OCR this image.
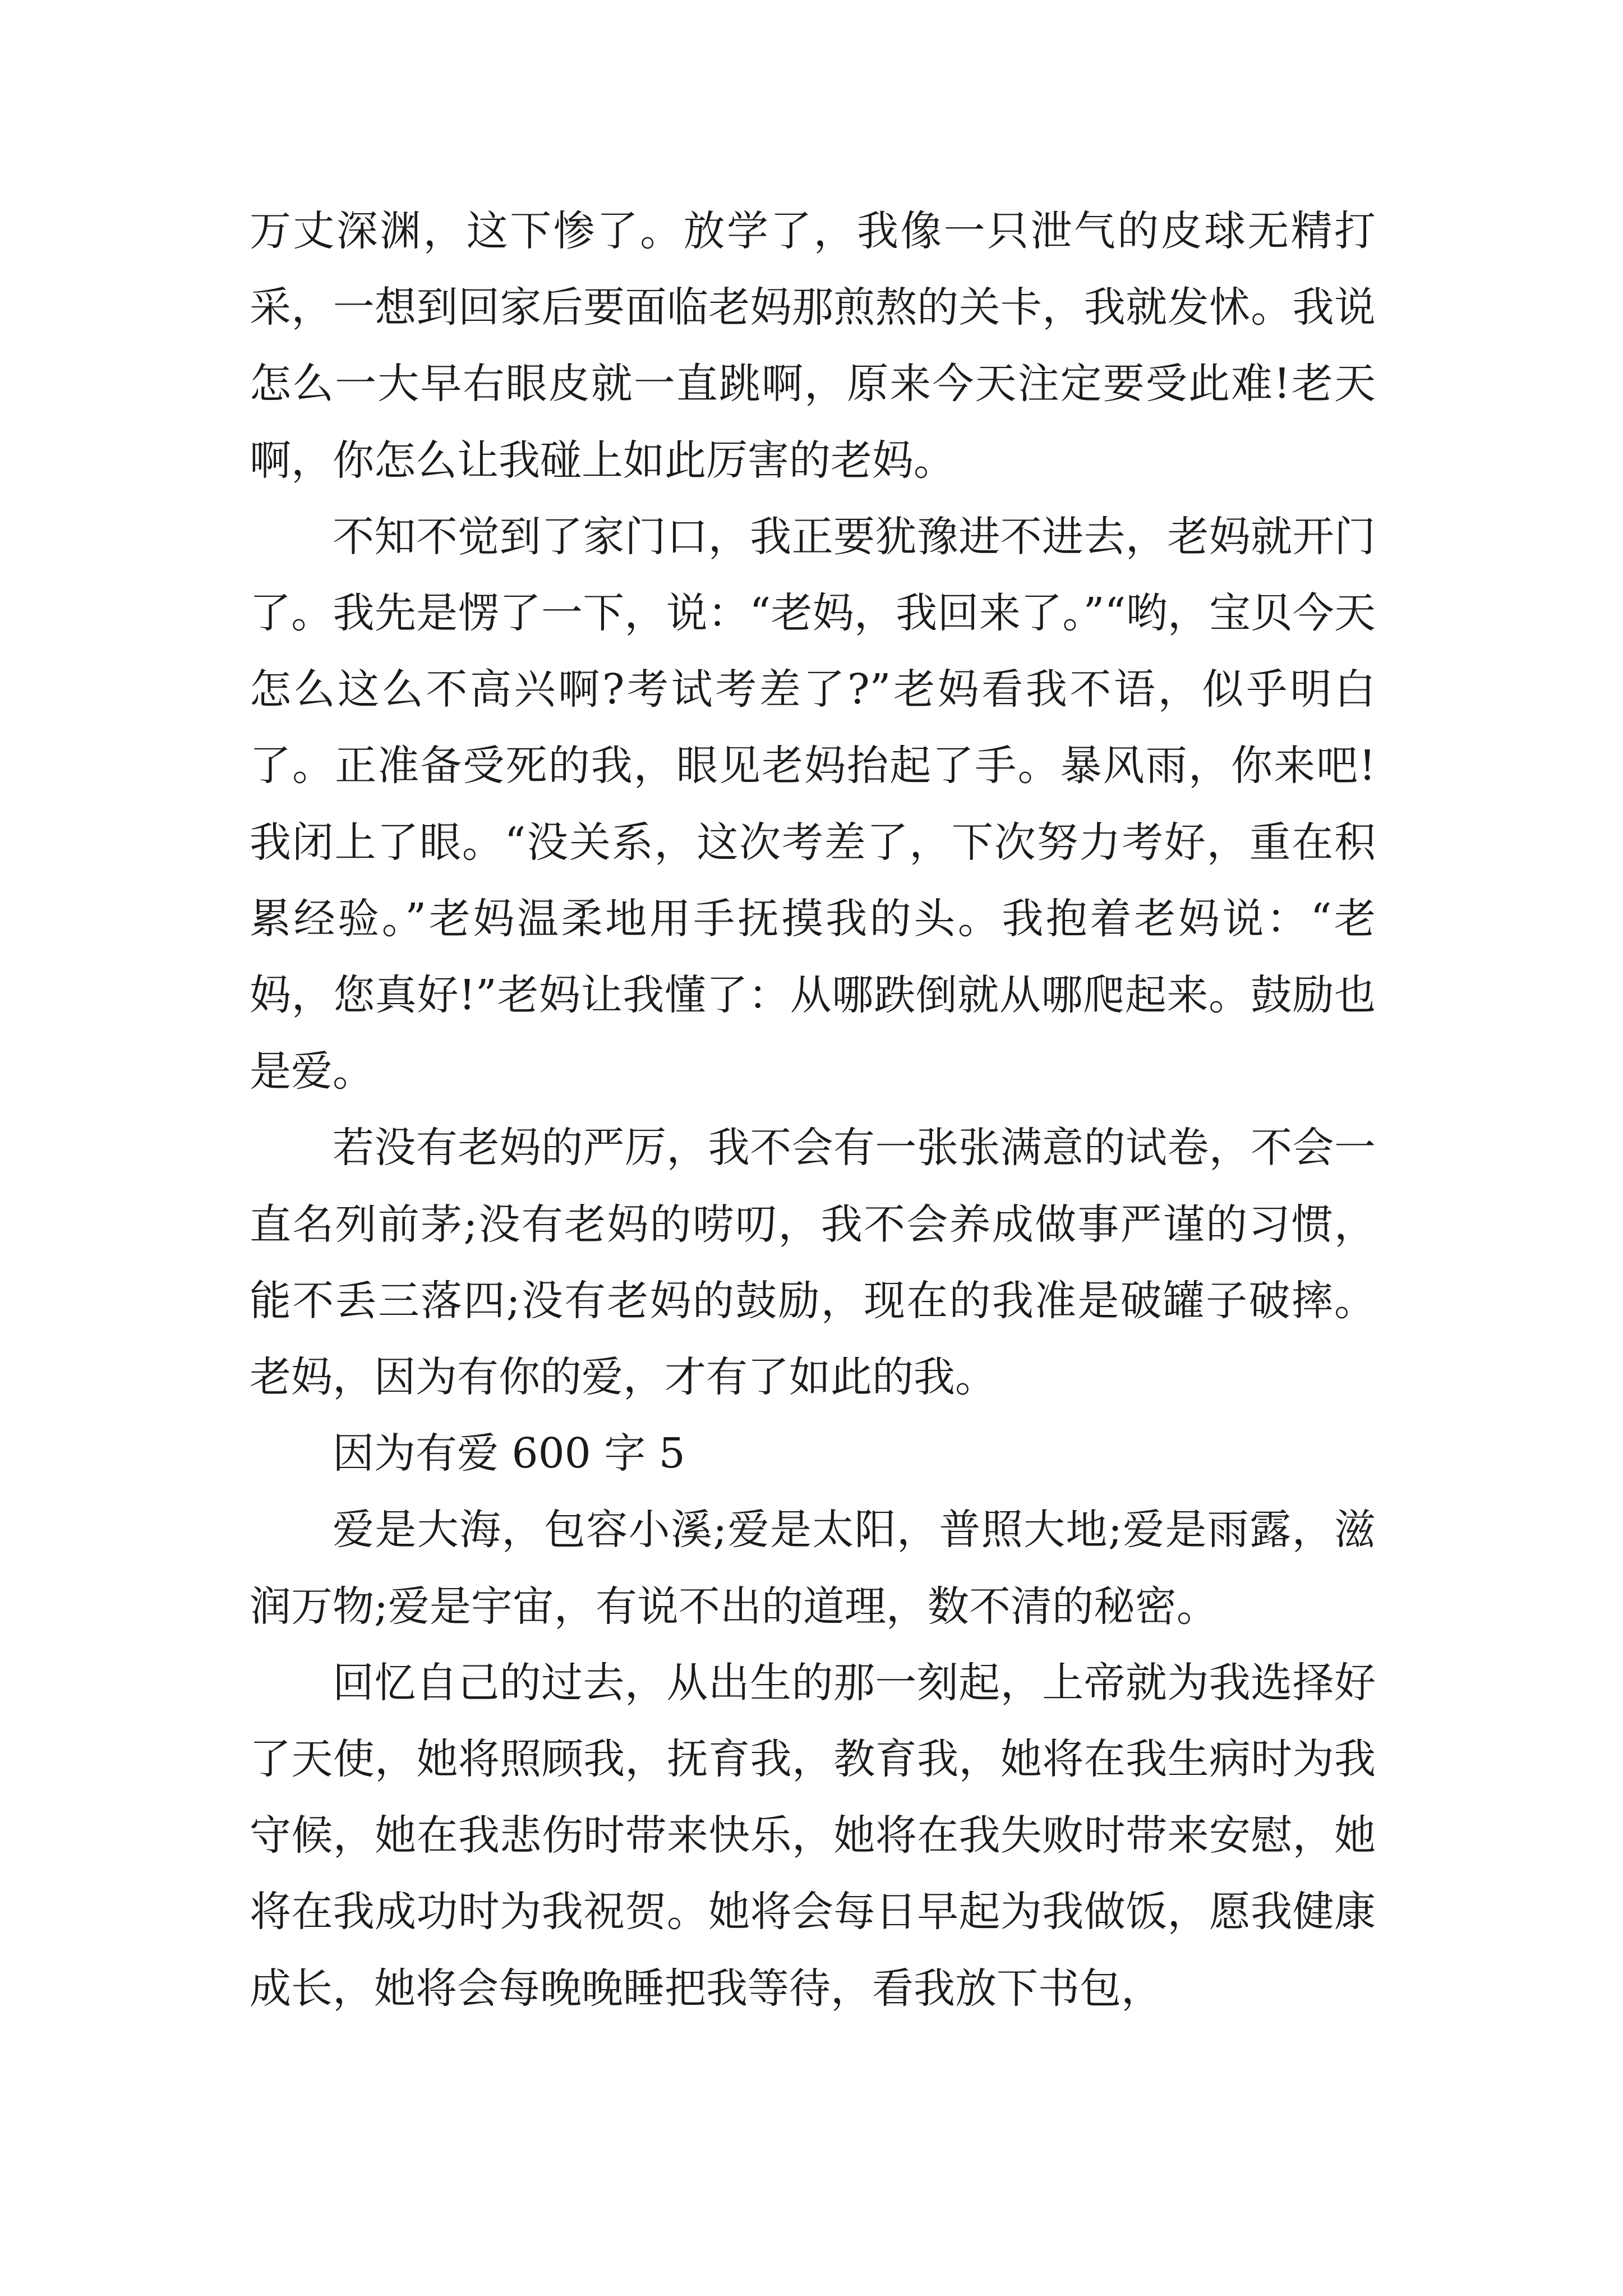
万丈深渊，这下惨了。放学了，我像一只泄气的皮球无精打采，一想到回家后要面临老妈那煎熬的关卡，我就发怵。我说怎么一大早右眼皮就一直跳啊，原来今天注定要受此难!老天啊，你怎么让我碰上如此厉害的老妈。

不知不觉到了家门口，我正要犹豫进不进去，老妈就开门了。我先是愣了一下，说：“老妈，我回来了。”“哟，宝贝今天怎么这么不高兴啊?考试考差了?”老妈看我不语，似乎明白了。正准备受死的我，眼见老妈抬起了手。暴风雨，你来吧!我闭上了眼。“没关系，这次考差了，下次努力考好，重在积累经验。”老妈温柔地用手抚摸我的头。我抱着老妈说：“老妈，您真好!”老妈让我懂了：从哪跌倒就从哪爬起来。鼓励也是爱。

若没有老妈的严厉，我不会有一张张满意的试卷，不会一直名列前茅;没有老妈的唠叨，我不会养成做事严谨的习惯，能不丢三落四;没有老妈的鼓励，现在的我准是破罐子破摔。老妈，因为有你的爱，才有了如此的我。

因为有爱 600 字 5

爱是大海，包容小溪;爱是太阳，普照大地;爱是雨露，滋润万物;爱是宇宙，有说不出的道理，数不清的秘密。

回忆自己的过去，从出生的那一刻起，上帝就为我选择好了天使，她将照顾我，抚育我，教育我，她将在我生病时为我守候，她在我悲伤时带来快乐，她将在我失败时带来安慰，她将在我成功时为我祝贺。她将会每日早起为我做饭，愿我健康成长，她将会每晚晚睡把我等待，看我放下书包，
